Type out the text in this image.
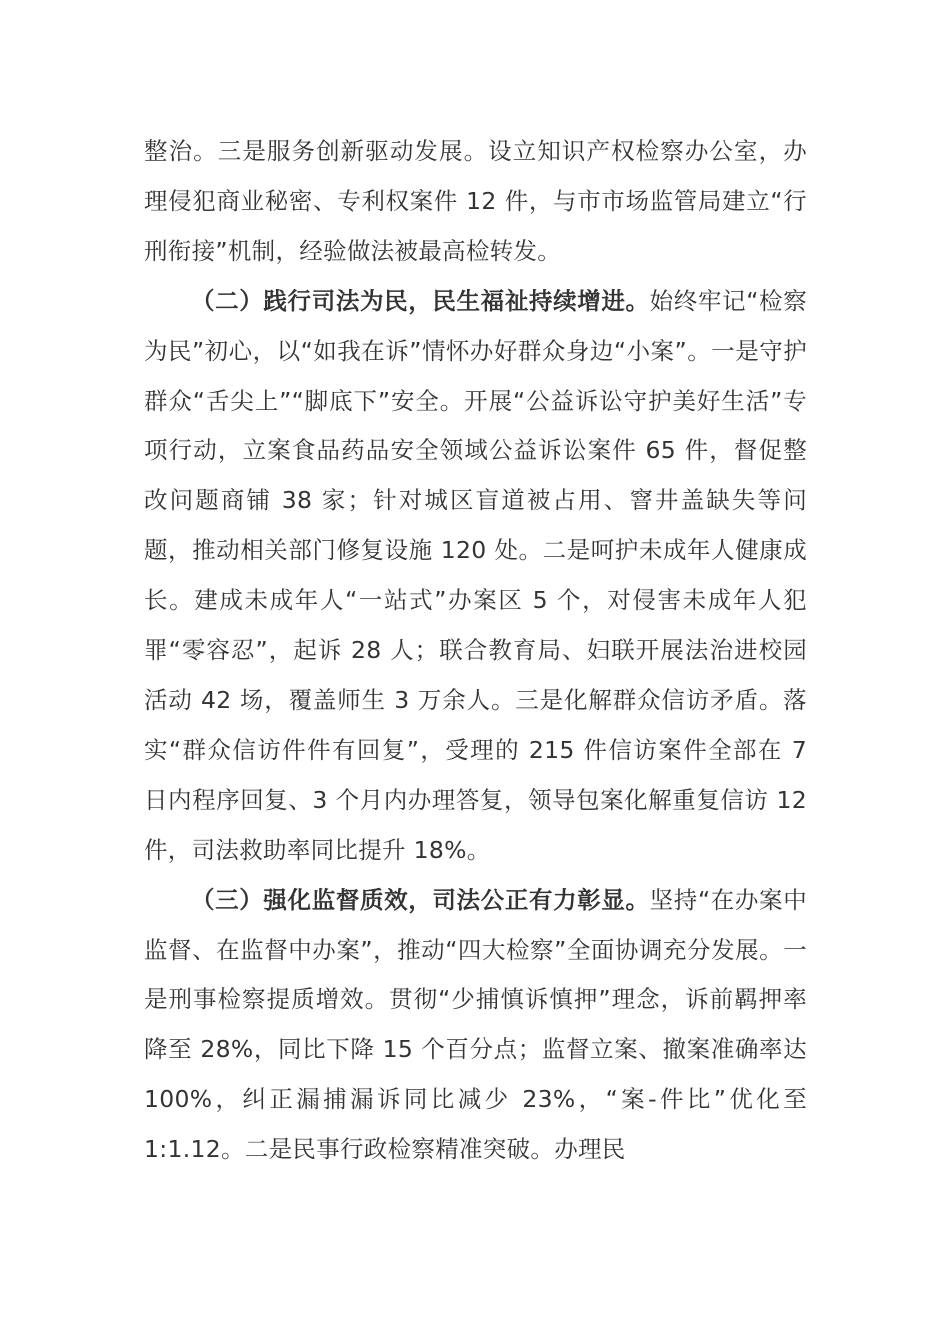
整治。三是服务创新驱动发展。设立知识产权检察办公室，办理侵犯商业秘密、专利权案件 12 件，与市市场监管局建立“行刑衔接”机制，经验做法被最高检转发。

（二）践行司法为民，民生福祉持续增进。始终牢记“检察为民”初心，以“如我在诉”情怀办好群众身边“小案”。一是守护群众“舌尖上”“脚底下”安全。开展“公益诉讼守护美好生活”专项行动，立案食品药品安全领域公益诉讼案件 65 件，督促整改问题商铺 38 家；针对城区盲道被占用、窨井盖缺失等问题，推动相关部门修复设施 120 处。二是呵护未成年人健康成长。建成未成年人“一站式”办案区 5 个，对侵害未成年人犯罪“零容忍”，起诉 28 人；联合教育局、妇联开展法治进校园活动 42 场，覆盖师生 3 万余人。三是化解群众信访矛盾。落实“群众信访件件有回复”，受理的 215 件信访案件全部在 7 日内程序回复、3 个月内办理答复，领导包案化解重复信访 12 件，司法救助率同比提升 18%。

（三）强化监督质效，司法公正有力彰显。坚持“在办案中监督、在监督中办案”，推动“四大检察”全面协调充分发展。一是刑事检察提质增效。贯彻“少捕慎诉慎押”理念，诉前羁押率降至 28%，同比下降 15 个百分点；监督立案、撤案准确率达 100%，纠正漏捕漏诉同比减少 23%，“案-件比”优化至 1:1.12。二是民事行政检察精准突破。办理民
